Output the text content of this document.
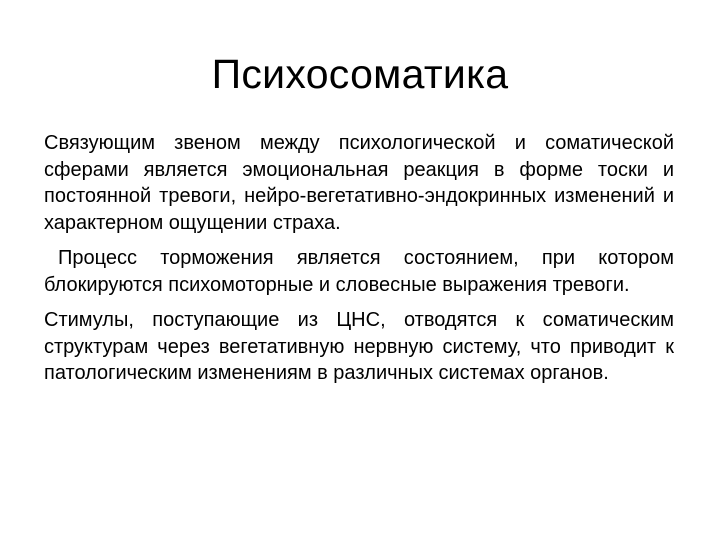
Психосоматика

Связующим звеном между психологической и соматической сферами является эмоциональная реакция в форме тоски и постоянной тревоги, нейро-вегетативно-эндокринных изменений и характерном ощущении страха.

Процесс торможения является состоянием, при котором блокируются психомоторные и словесные выражения тревоги.

Стимулы, поступающие из ЦНС, отводятся к соматическим структурам через вегетативную нервную систему, что приводит к патологическим изменениям в различных системах органов.
